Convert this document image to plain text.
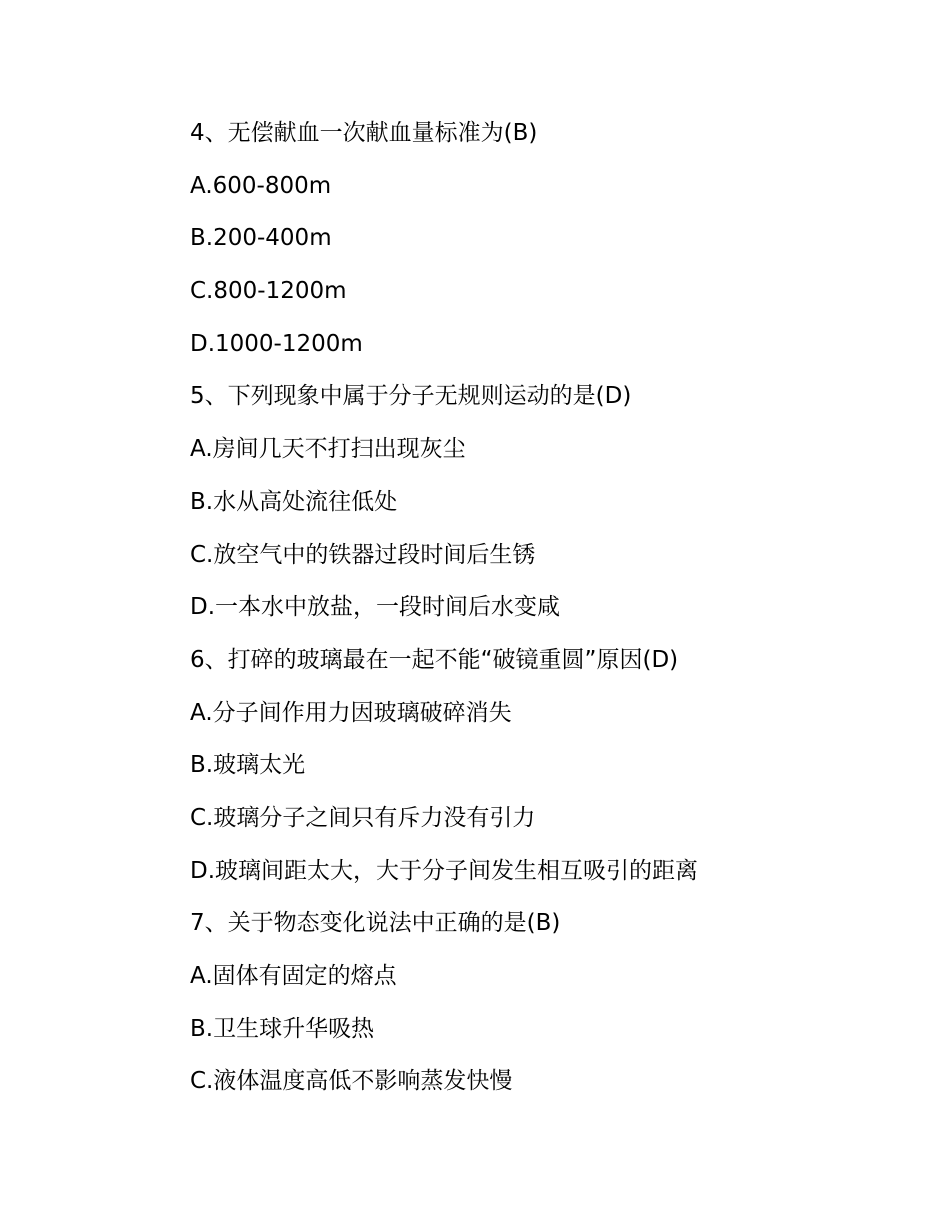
4、无偿献血一次献血量标准为(B)
A.600-800m
B.200-400m
C.800-1200m
D.1000-1200m
5、下列现象中属于分子无规则运动的是(D)
A.房间几天不打扫出现灰尘
B.水从高处流往低处
C.放空气中的铁器过段时间后生锈
D.一本水中放盐，一段时间后水变咸
6、打碎的玻璃最在一起不能“破镜重圆”原因(D)
A.分子间作用力因玻璃破碎消失
B.玻璃太光
C.玻璃分子之间只有斥力没有引力
D.玻璃间距太大，大于分子间发生相互吸引的距离
7、关于物态变化说法中正确的是(B)
A.固体有固定的熔点
B.卫生球升华吸热
C.液体温度高低不影响蒸发快慢
